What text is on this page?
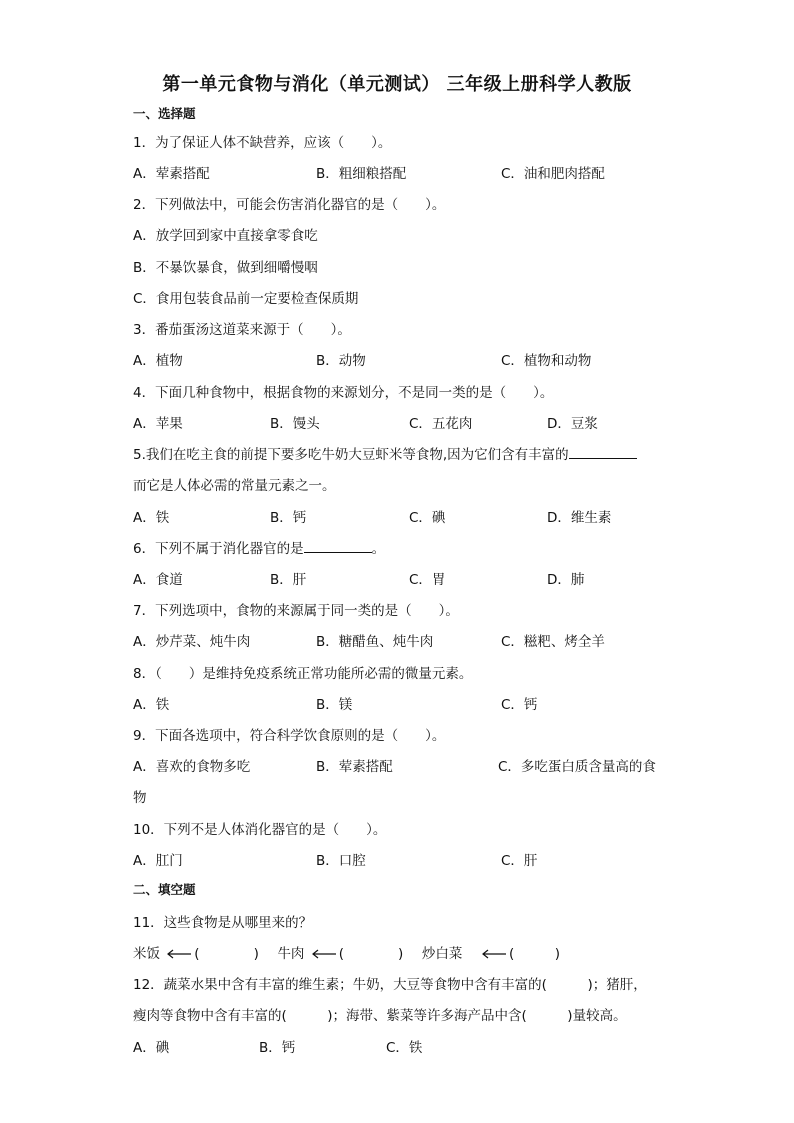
第一单元食物与消化（单元测试） 三年级上册科学人教版
一、选择题
1．为了保证人体不缺营养，应该（　　）。
A．荤素搭配	B．粗细粮搭配	C．油和肥肉搭配
2．下列做法中，可能会伤害消化器官的是（　　）。
A．放学回到家中直接拿零食吃
B．不暴饮暴食，做到细嚼慢咽
C．食用包装食品前一定要检查保质期
3．番茄蛋汤这道菜来源于（　　）。
A．植物	B．动物	C．植物和动物
4．下面几种食物中，根据食物的来源划分，不是同一类的是（　　）。
A．苹果	B．馒头	C．五花肉	D．豆浆
5.我们在吃主食的前提下要多吃牛奶大豆虾米等食物,因为它们含有丰富的
而它是人体必需的常量元素之一。
A．铁	B．钙	C．碘	D．维生素
6．下列不属于消化器官的是	。
A．食道	B．肝	C．胃	D．肺
7．下列选项中，食物的来源属于同一类的是（　　）。
A．炒芹菜、炖牛肉	B．糖醋鱼、炖牛肉	C．糍粑、烤全羊
8．（　　）是维持免疫系统正常功能所必需的微量元素。
A．铁	B．镁	C．钙
9．下面各选项中，符合科学饮食原则的是（　　）。
A．喜欢的食物多吃	B．荤素搭配	C．多吃蛋白质含量高的食
物
10．下列不是人体消化器官的是（　　）。
A．肛门	B．口腔	C．肝
二、填空题
11．这些食物是从哪里来的？
米饭	(　　　　) 牛肉	(　　　　) 炒白菜	(　　　)
12．蔬菜水果中含有丰富的维生素；牛奶，大豆等食物中含有丰富的(　　　)；猪肝，
瘦肉等食物中含有丰富的(　　　)；海带、紫菜等许多海产品中含(　　　)量较高。
A．碘	B．钙	C．铁
